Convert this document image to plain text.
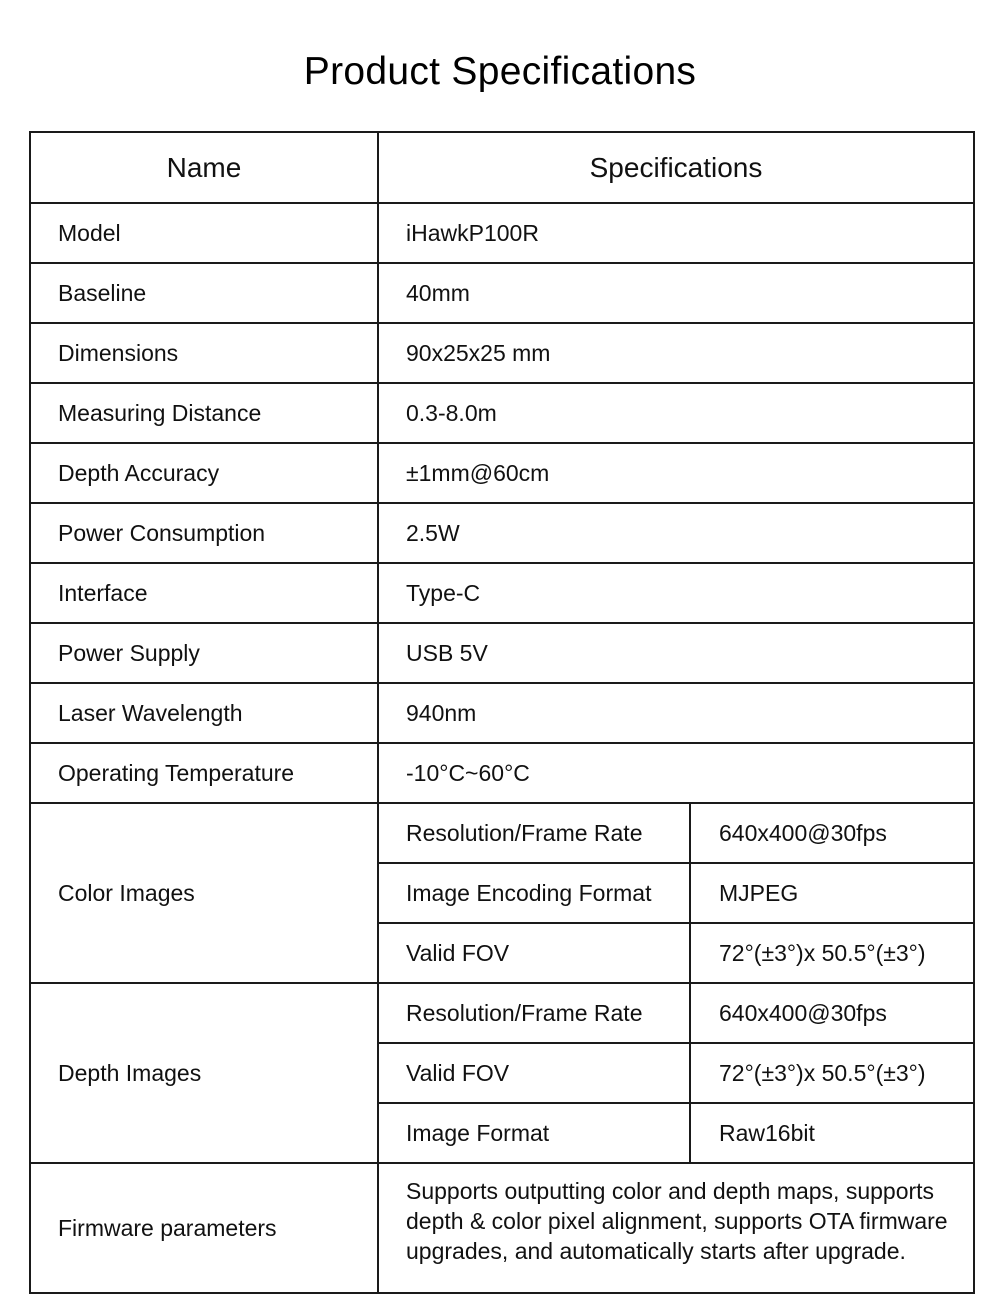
Product Specifications
Name	Specifications	
Model	iHawkP100R	
Baseline	40mm	
Dimensions	90x25x25 mm	
Measuring Distance	0.3-8.0m	
Depth Accuracy	±1mm@60cm	
Power Consumption	2.5W	
Interface	Type-C	
Power Supply	USB 5V	
Laser Wavelength	940nm	
Operating Temperature	-10°C~60°C	
Color Images	Resolution/Frame Rate	640x400@30fps
	Image Encoding Format	MJPEG
	Valid FOV	72°(±3°)x 50.5°(±3°)
Depth Images	Resolution/Frame Rate	640x400@30fps
	Valid FOV	72°(±3°)x 50.5°(±3°)
	Image Format	Raw16bit
Firmware parameters	Supports outputting color and depth maps, supports depth & color pixel alignment, supports OTA firmware upgrades, and automatically starts after upgrade.	
